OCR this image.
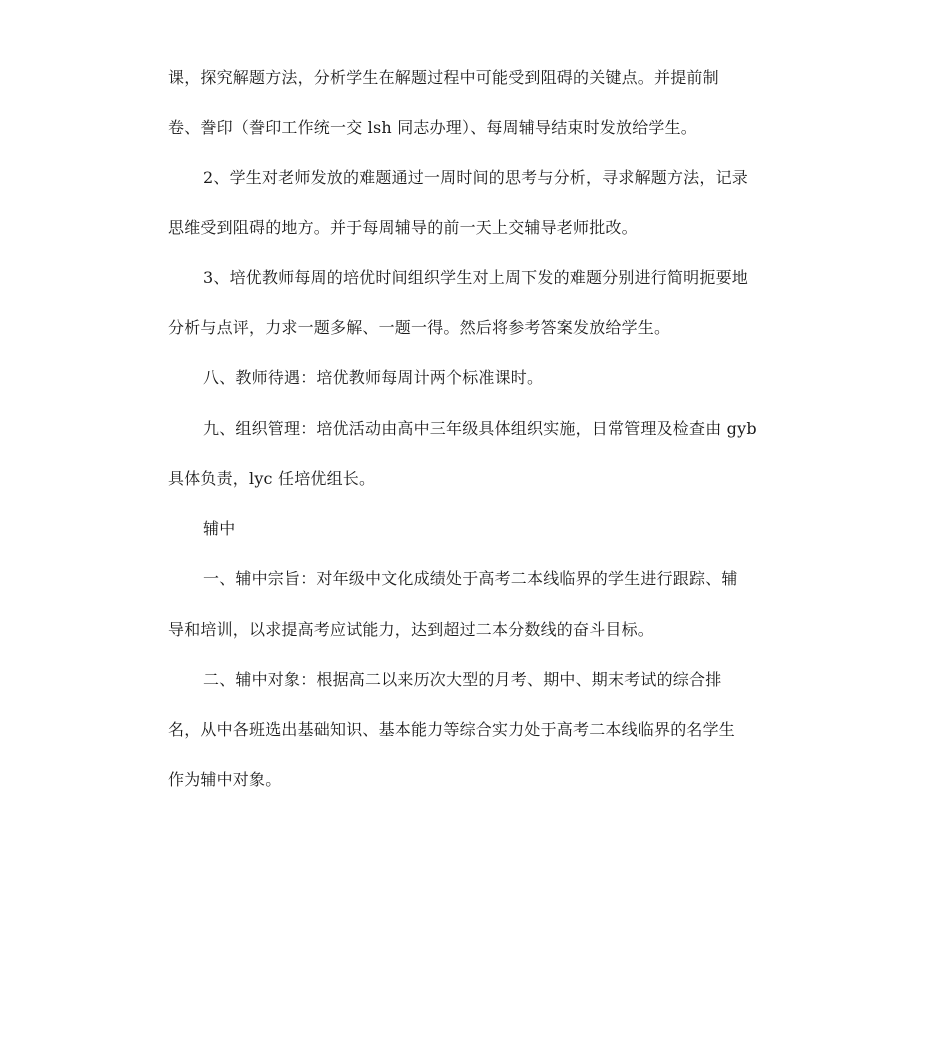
课，探究解题方法，分析学生在解题过程中可能受到阻碍的关键点。并提前制
卷、誊印（誊印工作统一交 lsh 同志办理）、每周辅导结束时发放给学生。
2、学生对老师发放的难题通过一周时间的思考与分析，寻求解题方法，记录
思维受到阻碍的地方。并于每周辅导的前一天上交辅导老师批改。
3、培优教师每周的培优时间组织学生对上周下发的难题分别进行简明扼要地
分析与点评，力求一题多解、一题一得。然后将参考答案发放给学生。
八、教师待遇：培优教师每周计两个标准课时。
九、组织管理：培优活动由高中三年级具体组织实施，日常管理及检查由 gyb
具体负责，lyc 任培优组长。
辅中
一、辅中宗旨：对年级中文化成绩处于高考二本线临界的学生进行跟踪、辅
导和培训，以求提高考应试能力，达到超过二本分数线的奋斗目标。
二、辅中对象：根据高二以来历次大型的月考、期中、期末考试的综合排
名，从中各班选出基础知识、基本能力等综合实力处于高考二本线临界的名学生
作为辅中对象。
